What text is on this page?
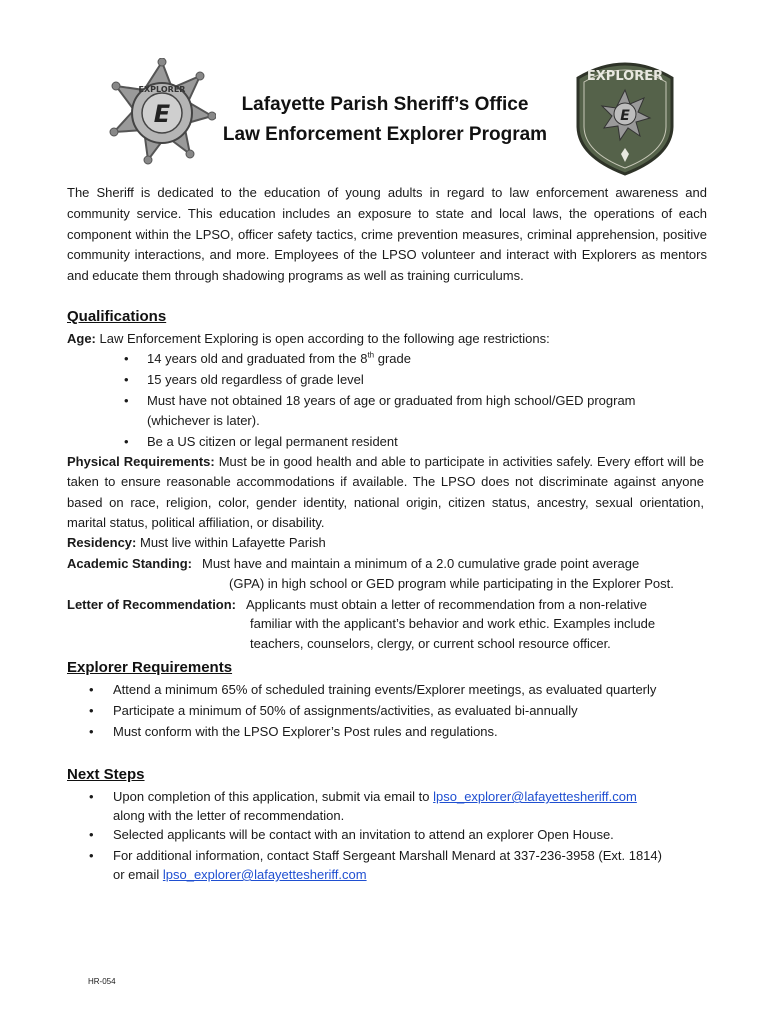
EXPLORER
E
EXPLORER
E
Lafayette Parish Sheriff’s Office
Law Enforcement Explorer Program
The Sheriff is dedicated to the education of young adults in regard to law enforcement awareness and community service. This education includes an exposure to state and local laws, the operations of each component within the LPSO, officer safety tactics, crime prevention measures, criminal apprehension, positive community interactions, and more. Employees of the LPSO volunteer and interact with Explorers as mentors and educate them through shadowing programs as well as training curriculums.
Qualifications
Age: Law Enforcement Exploring is open according to the following age restrictions:
• 14 years old and graduated from the 8th grade
• 15 years old regardless of grade level
• Must have not obtained 18 years of age or graduated from high school/GED program
(whichever is later).
• Be a US citizen or legal permanent resident
Physical Requirements: Must be in good health and able to participate in activities safely. Every effort will be taken to ensure reasonable accommodations if available. The LPSO does not discriminate against anyone based on race, religion, color, gender identity, national origin, citizen status, ancestry, sexual orientation, marital status, political affiliation, or disability.
Residency: Must live within Lafayette Parish
Academic Standing: Must have and maintain a minimum of a 2.0 cumulative grade point average
(GPA) in high school or GED program while participating in the Explorer Post.
Letter of Recommendation: Applicants must obtain a letter of recommendation from a non-relative
familiar with the applicant’s behavior and work ethic. Examples include
teachers, counselors, clergy, or current school resource officer.
Explorer Requirements
• Attend a minimum 65% of scheduled training events/Explorer meetings, as evaluated quarterly
• Participate a minimum of 50% of assignments/activities, as evaluated bi-annually
• Must conform with the LPSO Explorer’s Post rules and regulations.
Next Steps
• Upon completion of this application, submit via email to lpso_explorer@lafayettesheriff.com
along with the letter of recommendation.
• Selected applicants will be contact with an invitation to attend an explorer Open House.
• For additional information, contact Staff Sergeant Marshall Menard at 337-236-3958 (Ext. 1814)
or email lpso_explorer@lafayettesheriff.com
HR-054
